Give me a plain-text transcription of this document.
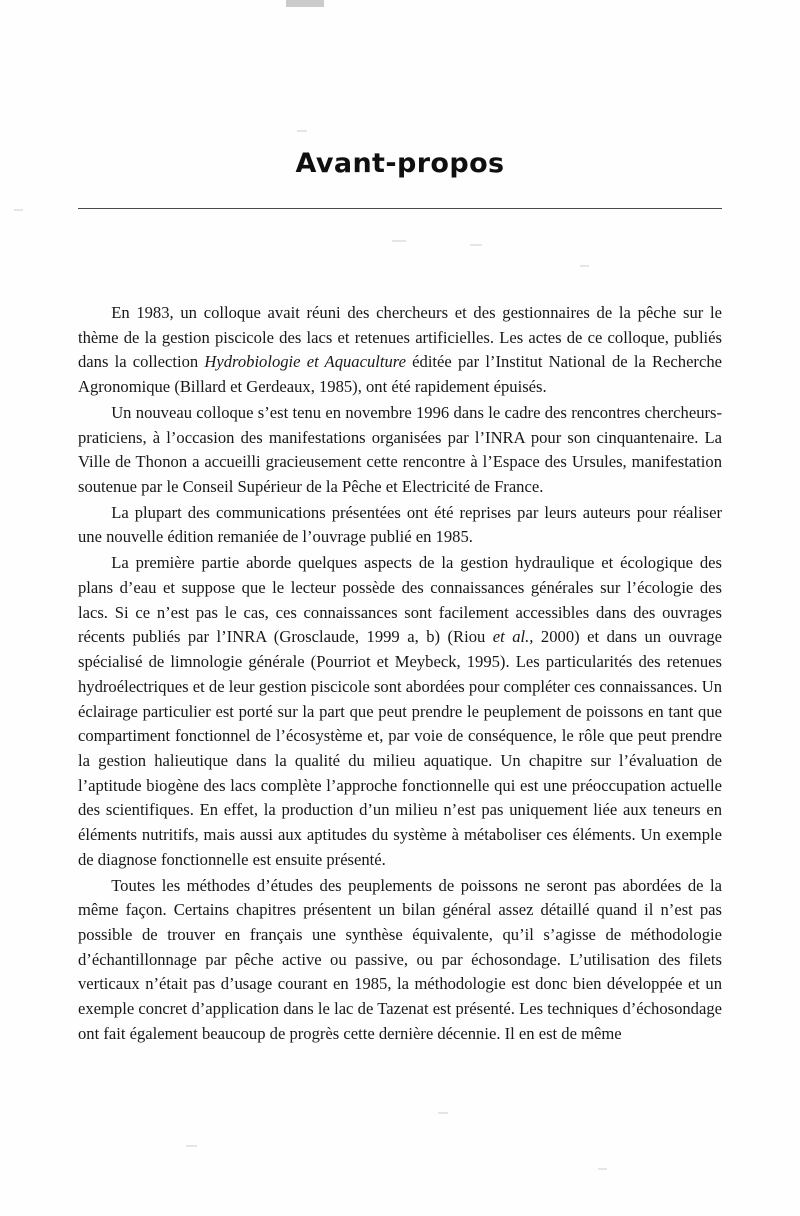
Avant-propos

En 1983, un colloque avait réuni des chercheurs et des gestionnaires de la pêche sur le thème de la gestion piscicole des lacs et retenues artificielles. Les actes de ce colloque, publiés dans la collection Hydrobiologie et Aquaculture éditée par l’Institut National de la Recherche Agronomique (Billard et Gerdeaux, 1985), ont été rapidement épuisés.

Un nouveau colloque s’est tenu en novembre 1996 dans le cadre des rencontres chercheurs-praticiens, à l’occasion des manifestations organisées par l’INRA pour son cinquantenaire. La Ville de Thonon a accueilli gracieusement cette rencontre à l’Espace des Ursules, manifestation soutenue par le Conseil Supérieur de la Pêche et Electricité de France.

La plupart des communications présentées ont été reprises par leurs auteurs pour réaliser une nouvelle édition remaniée de l’ouvrage publié en 1985.

La première partie aborde quelques aspects de la gestion hydraulique et écologique des plans d’eau et suppose que le lecteur possède des connaissances générales sur l’écologie des lacs. Si ce n’est pas le cas, ces connaissances sont facilement accessibles dans des ouvrages récents publiés par l’INRA (Grosclaude, 1999 a, b) (Riou et al., 2000) et dans un ouvrage spécialisé de limnologie générale (Pourriot et Meybeck, 1995). Les particularités des retenues hydroélectriques et de leur gestion piscicole sont abordées pour compléter ces connaissances. Un éclairage particulier est porté sur la part que peut prendre le peuplement de poissons en tant que compartiment fonctionnel de l’écosystème et, par voie de conséquence, le rôle que peut prendre la gestion halieutique dans la qualité du milieu aquatique. Un chapitre sur l’évaluation de l’aptitude biogène des lacs complète l’approche fonctionnelle qui est une préoccupation actuelle des scientifiques. En effet, la production d’un milieu n’est pas uniquement liée aux teneurs en éléments nutritifs, mais aussi aux aptitudes du système à métaboliser ces éléments. Un exemple de diagnose fonctionnelle est ensuite présenté.

Toutes les méthodes d’études des peuplements de poissons ne seront pas abordées de la même façon. Certains chapitres présentent un bilan général assez détaillé quand il n’est pas possible de trouver en français une synthèse équivalente, qu’il s’agisse de méthodologie d’échantillonnage par pêche active ou passive, ou par échosondage. L’utilisation des filets verticaux n’était pas d’usage courant en 1985, la méthodologie est donc bien développée et un exemple concret d’application dans le lac de Tazenat est présenté. Les techniques d’échosondage ont fait également beaucoup de progrès cette dernière décennie. Il en est de même
